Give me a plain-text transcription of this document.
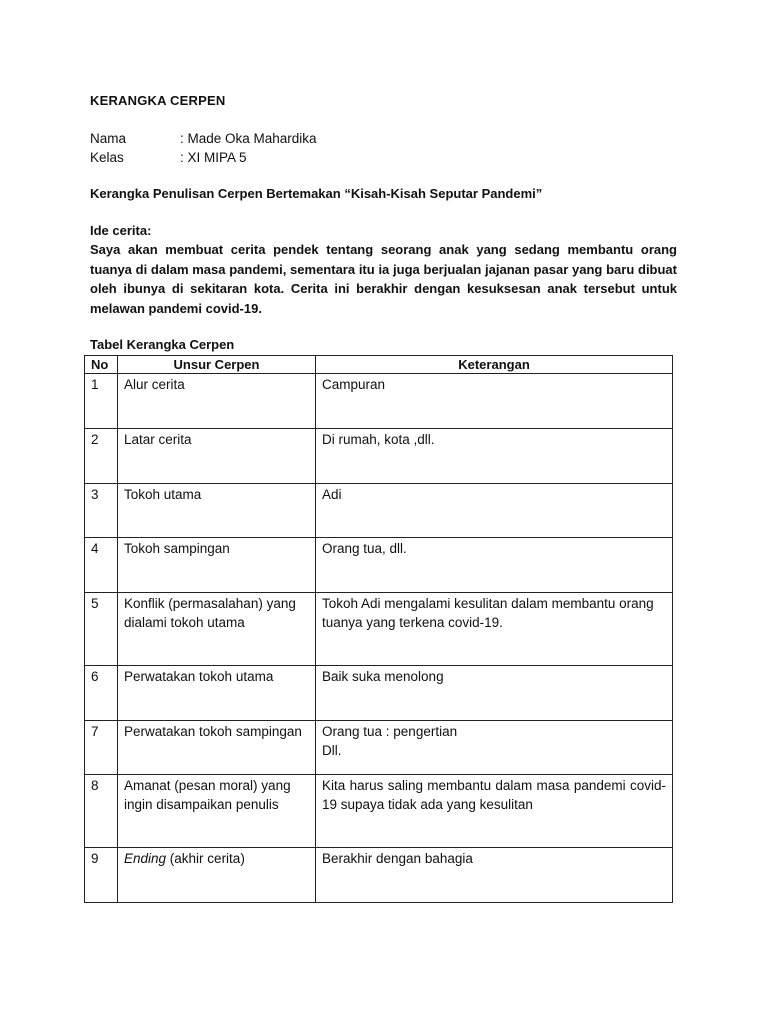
KERANGKA CERPEN
Nama	: Made Oka Mahardika
Kelas	: XI MIPA 5
Kerangka Penulisan Cerpen Bertemakan “Kisah-Kisah Seputar Pandemi”
Ide cerita:
Saya akan membuat cerita pendek tentang seorang anak yang sedang membantu orang tuanya di dalam masa pandemi, sementara itu ia juga berjualan jajanan pasar yang baru dibuat oleh ibunya di sekitaran kota. Cerita ini berakhir dengan kesuksesan anak tersebut untuk melawan pandemi covid-19.
Tabel Kerangka Cerpen
No	Unsur Cerpen	Keterangan
1	Alur cerita	Campuran
2	Latar cerita	Di rumah, kota ,dll.
3	Tokoh utama	Adi
4	Tokoh sampingan	Orang tua, dll.
5	Konflik (permasalahan) yang dialami tokoh utama	Tokoh Adi mengalami kesulitan dalam membantu orang tuanya yang terkena covid-19.
6	Perwatakan tokoh utama	Baik suka menolong
7	Perwatakan tokoh sampingan	Orang tua : pengertian
Dll.

8	Amanat (pesan moral) yang ingin disampaikan penulis	Kita harus saling membantu dalam masa pandemi covid-19 supaya tidak ada yang kesulitan
9	Ending (akhir cerita)	Berakhir dengan bahagia
